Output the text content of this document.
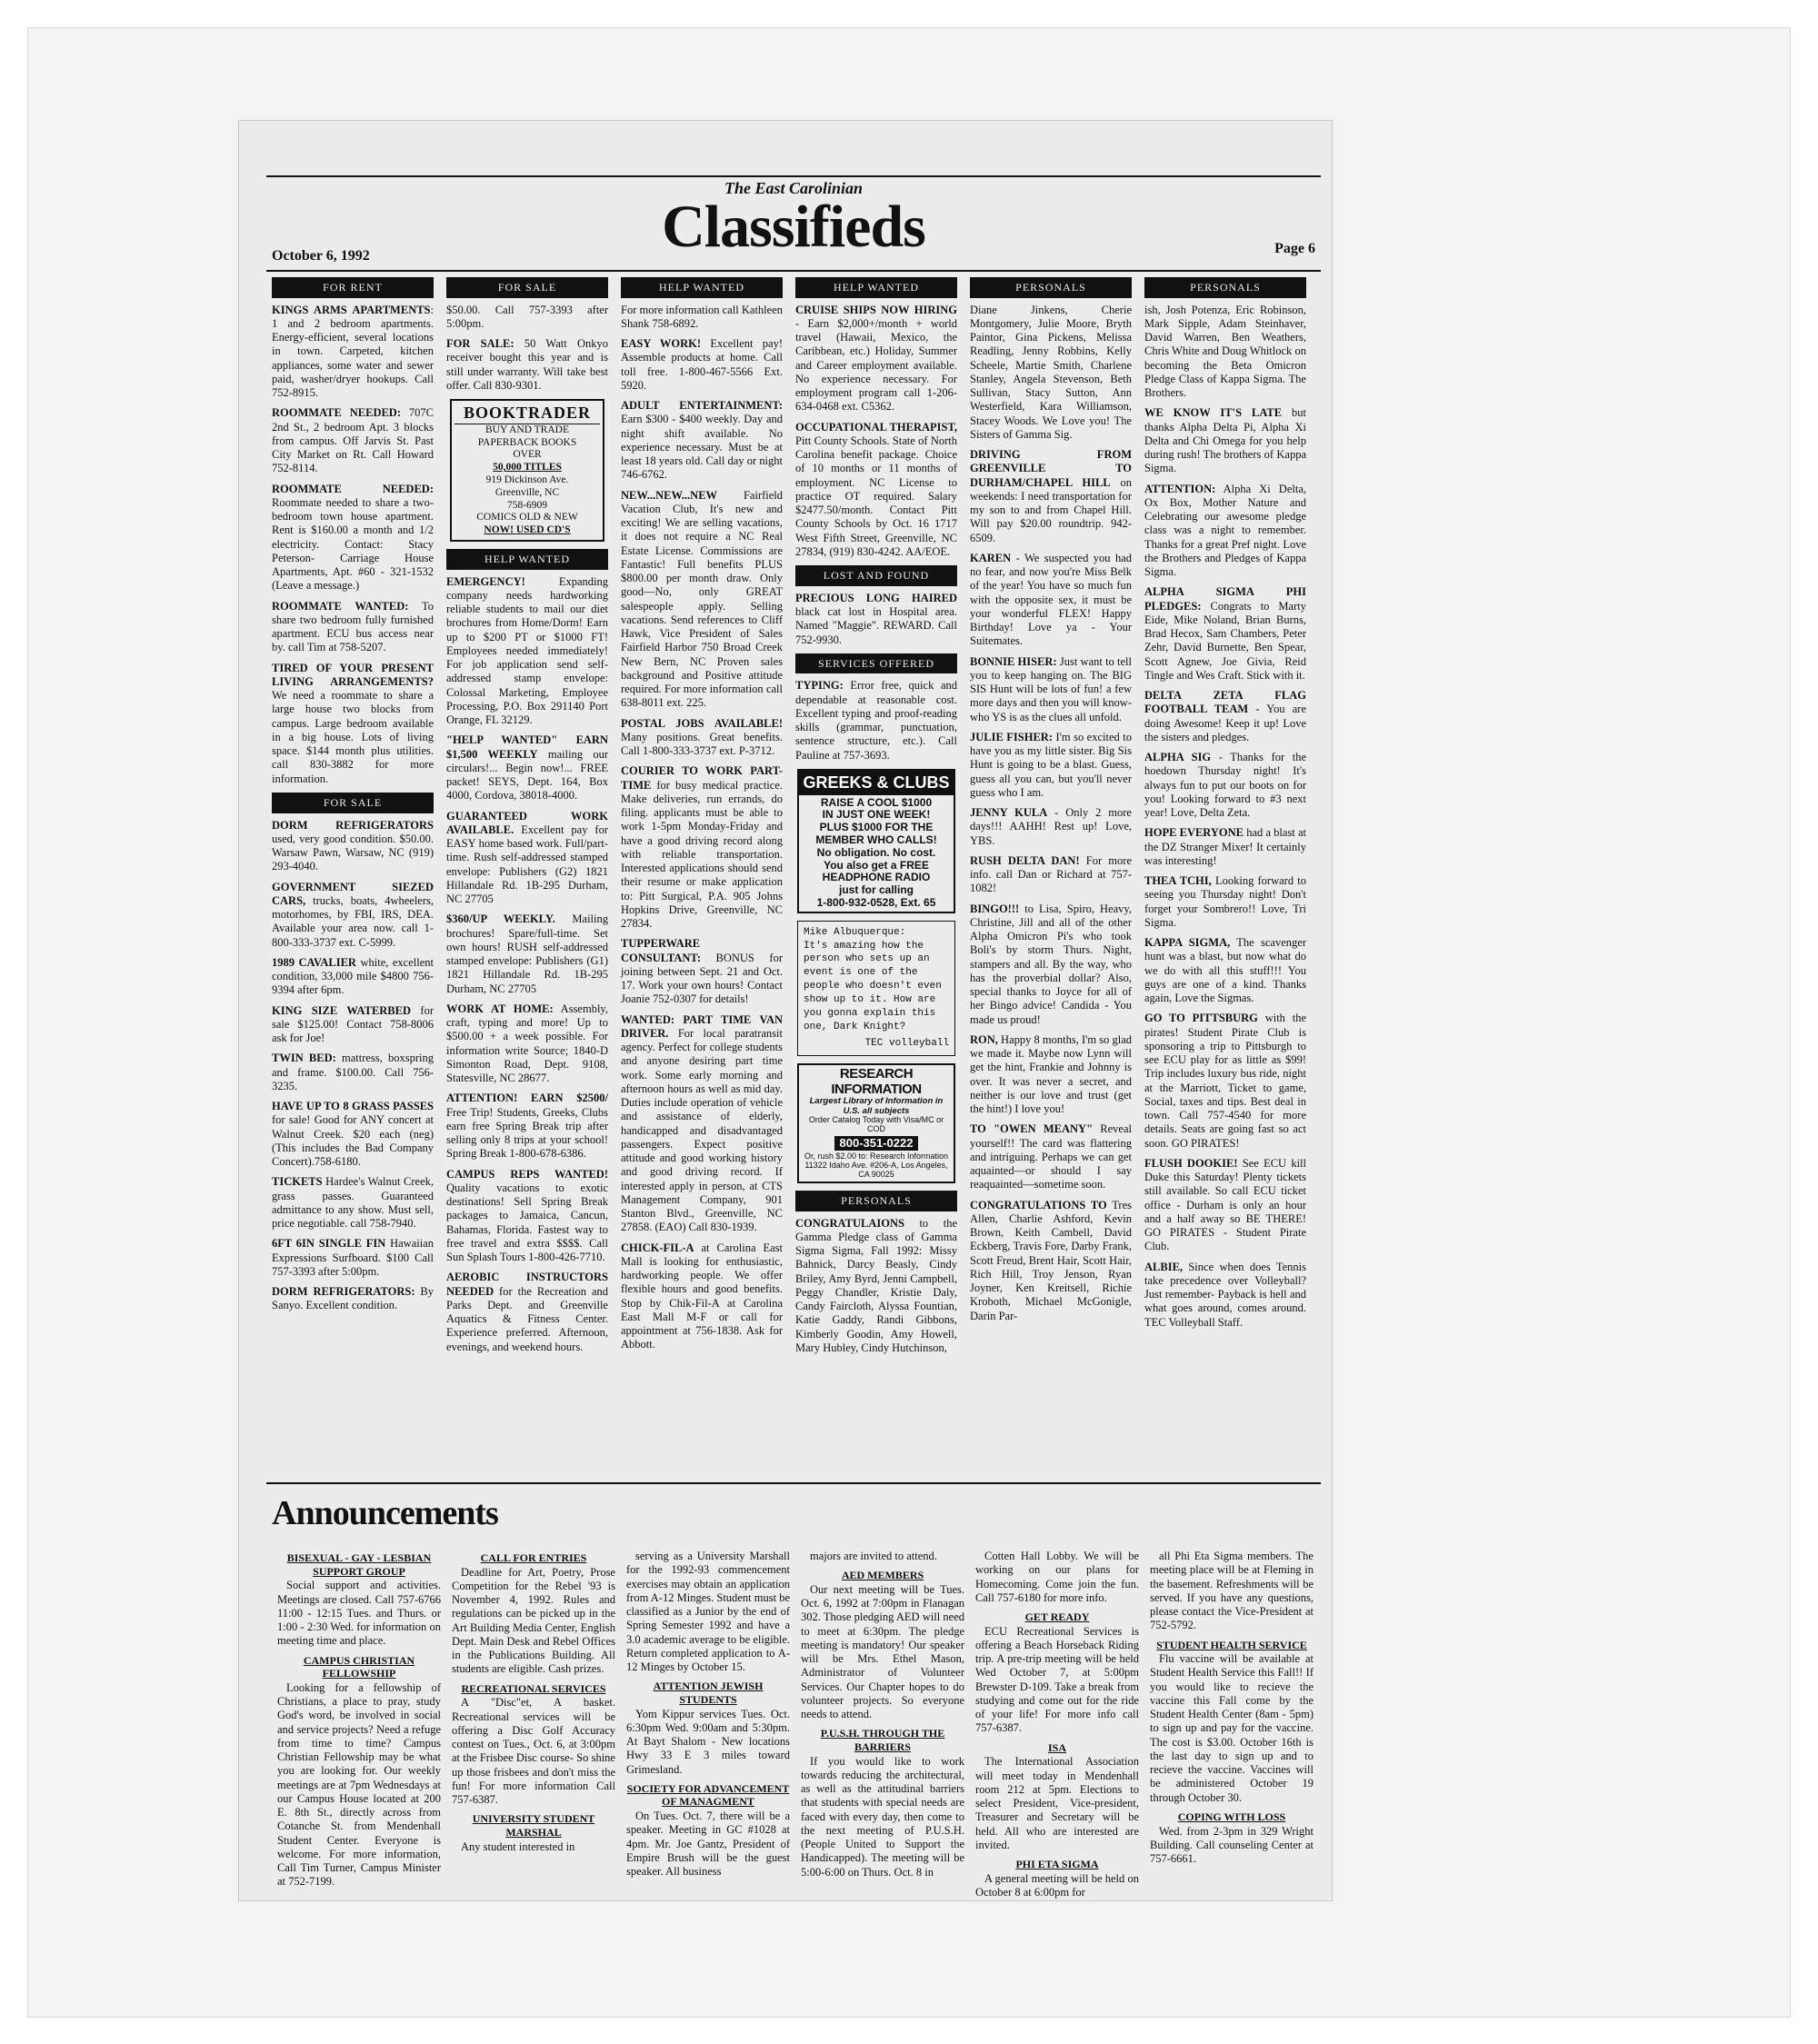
The East Carolinian
Classifieds
October 6, 1992	Page 6
FOR RENT

KINGS ARMS APARTMENTS: 1 and 2 bedroom apartments. Energy-efficient, several locations in town. Carpeted, kitchen appliances, some water and sewer paid, washer/dryer hookups. Call 752-8915.

ROOMMATE NEEDED: 707C 2nd St., 2 bedroom Apt. 3 blocks from campus. Off Jarvis St. Past City Market on Rt. Call Howard 752-8114.

ROOMMATE NEEDED: Roommate needed to share a two-bedroom town house apartment. Rent is $160.00 a month and 1/2 electricity. Contact: Stacy Peterson- Carriage House Apartments, Apt. #60 - 321-1532 (Leave a message.)

ROOMMATE WANTED: To share two bedroom fully furnished apartment. ECU bus access near by. call Tim at 758-5207.

TIRED OF YOUR PRESENT LIVING ARRANGEMENTS? We need a roommate to share a large house two blocks from campus. Large bedroom available in a big house. Lots of living space. $144 month plus utilities. call 830-3882 for more information.

FOR SALE

DORM REFRIGERATORS used, very good condition. $50.00. Warsaw Pawn, Warsaw, NC (919) 293-4040.

GOVERNMENT SIEZED CARS, trucks, boats, 4wheelers, motorhomes, by FBI, IRS, DEA. Available your area now. call 1-800-333-3737 ext. C-5999.

1989 CAVALIER white, excellent condition, 33,000 mile $4800 756-9394 after 6pm.

KING SIZE WATERBED for sale $125.00! Contact 758-8006 ask for Joe!

TWIN BED: mattress, boxspring and frame. $100.00. Call 756-3235.

HAVE UP TO 8 GRASS PASSES for sale! Good for ANY concert at Walnut Creek. $20 each (neg) (This includes the Bad Company Concert).758-6180.

TICKETS Hardee's Walnut Creek, grass passes. Guaranteed admittance to any show. Must sell, price negotiable. call 758-7940.

6FT 6IN SINGLE FIN Hawaiian Expressions Surfboard. $100 Call 757-3393 after 5:00pm.

DORM REFRIGERATORS: By Sanyo. Excellent condition.

FOR SALE

$50.00. Call 757-3393 after 5:00pm.

FOR SALE: 50 Watt Onkyo receiver bought this year and is still under warranty. Will take best offer. Call 830-9301.

BOOKTRADER
BUY AND TRADE
PAPERBACK BOOKS
OVER
50,000 TITLES
919 Dickinson Ave.
Greenville, NC
758-6909
COMICS OLD & NEW
NOW! USED CD'S
HELP WANTED

EMERGENCY! Expanding company needs hardworking reliable students to mail our diet brochures from Home/Dorm! Earn up to $200 PT or $1000 FT! Employees needed immediately! For job application send self-addressed stamp envelope: Colossal Marketing, Employee Processing, P.O. Box 291140 Port Orange, FL 32129.

"HELP WANTED" EARN $1,500 WEEKLY mailing our circulars!... Begin now!... FREE packet! SEYS, Dept. 164, Box 4000, Cordova, 38018-4000.

GUARANTEED WORK AVAILABLE. Excellent pay for EASY home based work. Full/part-time. Rush self-addressed stamped envelope: Publishers (G2) 1821 Hillandale Rd. 1B-295 Durham, NC 27705

$360/UP WEEKLY. Mailing brochures! Spare/full-time. Set own hours! RUSH self-addressed stamped envelope: Publishers (G1) 1821 Hillandale Rd. 1B-295 Durham, NC 27705

WORK AT HOME: Assembly, craft, typing and more! Up to $500.00 + a week possible. For information write Source; 1840-D Simonton Road, Dept. 9108, Statesville, NC 28677.

ATTENTION! EARN $2500/ Free Trip! Students, Greeks, Clubs earn free Spring Break trip after selling only 8 trips at your school! Spring Break 1-800-678-6386.

CAMPUS REPS WANTED! Quality vacations to exotic destinations! Sell Spring Break packages to Jamaica, Cancun, Bahamas, Florida. Fastest way to free travel and extra $$$$. Call Sun Splash Tours 1-800-426-7710.

AEROBIC INSTRUCTORS NEEDED for the Recreation and Parks Dept. and Greenville Aquatics & Fitness Center. Experience preferred. Afternoon, evenings, and weekend hours.

HELP WANTED

For more information call Kathleen Shank 758-6892.

EASY WORK! Excellent pay! Assemble products at home. Call toll free. 1-800-467-5566 Ext. 5920.

ADULT ENTERTAINMENT: Earn $300 - $400 weekly. Day and night shift available. No experience necessary. Must be at least 18 years old. Call day or night 746-6762.

NEW...NEW...NEW Fairfield Vacation Club, It's new and exciting! We are selling vacations, it does not require a NC Real Estate License. Commissions are Fantastic! Full benefits PLUS $800.00 per month draw. Only good—No, only GREAT salespeople apply. Selling vacations. Send references to Cliff Hawk, Vice President of Sales Fairfield Harbor 750 Broad Creek New Bern, NC Proven sales background and Positive attitude required. For more information call 638-8011 ext. 225.

POSTAL JOBS AVAILABLE! Many positions. Great benefits. Call 1-800-333-3737 ext. P-3712.

COURIER TO WORK PART-TIME for busy medical practice. Make deliveries, run errands, do filing. applicants must be able to work 1-5pm Monday-Friday and have a good driving record along with reliable transportation. Interested applications should send their resume or make application to: Pitt Surgical, P.A. 905 Johns Hopkins Drive, Greenville, NC 27834.

TUPPERWARE CONSULTANT: BONUS for joining between Sept. 21 and Oct. 17. Work your own hours! Contact Joanie 752-0307 for details!

WANTED: PART TIME VAN DRIVER. For local paratransit agency. Perfect for college students and anyone desiring part time work. Some early morning and afternoon hours as well as mid day. Duties include operation of vehicle and assistance of elderly, handicapped and disadvantaged passengers. Expect positive attitude and good working history and good driving record. If interested apply in person, at CTS Management Company, 901 Stanton Blvd., Greenville, NC 27858. (EAO) Call 830-1939.

CHICK-FIL-A at Carolina East Mall is looking for enthusiastic, hardworking people. We offer flexible hours and good benefits. Stop by Chik-Fil-A at Carolina East Mall M-F or call for appointment at 756-1838. Ask for Abbott.

HELP WANTED

CRUISE SHIPS NOW HIRING - Earn $2,000+/month + world travel (Hawaii, Mexico, the Caribbean, etc.) Holiday, Summer and Career employment available. No experience necessary. For employment program call 1-206-634-0468 ext. C5362.

OCCUPATIONAL THERAPIST, Pitt County Schools. State of North Carolina benefit package. Choice of 10 months or 11 months of employment. NC License to practice OT required. Salary $2477.50/month. Contact Pitt County Schools by Oct. 16 1717 West Fifth Street, Greenville, NC 27834, (919) 830-4242. AA/EOE.

LOST AND FOUND

PRECIOUS LONG HAIRED black cat lost in Hospital area. Named "Maggie". REWARD. Call 752-9930.

SERVICES OFFERED

TYPING: Error free, quick and dependable at reasonable cost. Excellent typing and proof-reading skills (grammar, punctuation, sentence structure, etc.). Call Pauline at 757-3693.

GREEKS & CLUBS
RAISE A COOL $1000
IN JUST ONE WEEK!
PLUS $1000 FOR THE
MEMBER WHO CALLS!
No obligation. No cost.
You also get a FREE
HEADPHONE RADIO
just for calling
1-800-932-0528, Ext. 65
Mike Albuquerque:
It's amazing how the person who sets up an event is one of the people who doesn't even show up to it. How are you gonna explain this one, Dark Knight?
TEC volleyball
RESEARCH INFORMATION
Largest Library of Information in U.S. all subjects
Order Catalog Today with Visa/MC or COD
800-351-0222
Or, rush $2.00 to: Research Information 11322 Idaho Ave. #206-A, Los Angeles, CA 90025
PERSONALS

CONGRATULAIONS to the Gamma Pledge class of Gamma Sigma Sigma, Fall 1992: Missy Bahnick, Darcy Beasly, Cindy Briley, Amy Byrd, Jenni Campbell, Peggy Chandler, Kristie Daly, Candy Faircloth, Alyssa Fountian, Katie Gaddy, Randi Gibbons, Kimberly Goodin, Amy Howell, Mary Hubley, Cindy Hutchinson,

PERSONALS

Diane Jinkens, Cherie Montgomery, Julie Moore, Bryth Paintor, Gina Pickens, Melissa Readling, Jenny Robbins, Kelly Scheele, Martie Smith, Charlene Stanley, Angela Stevenson, Beth Sullivan, Stacy Sutton, Ann Westerfield, Kara Williamson, Stacey Woods. We Love you! The Sisters of Gamma Sig.

DRIVING FROM GREENVILLE TO DURHAM/CHAPEL HILL on weekends: I need transportation for my son to and from Chapel Hill. Will pay $20.00 roundtrip. 942-6509.

KAREN - We suspected you had no fear, and now you're Miss Belk of the year! You have so much fun with the opposite sex, it must be your wonderful FLEX! Happy Birthday! Love ya - Your Suitemates.

BONNIE HISER: Just want to tell you to keep hanging on. The BIG SIS Hunt will be lots of fun! a few more days and then you will know- who YS is as the clues all unfold.

JULIE FISHER: I'm so excited to have you as my little sister. Big Sis Hunt is going to be a blast. Guess, guess all you can, but you'll never guess who I am.

JENNY KULA - Only 2 more days!!! AAHH! Rest up! Love, YBS.

RUSH DELTA DAN! For more info. call Dan or Richard at 757-1082!

BINGO!!! to Lisa, Spiro, Heavy, Christine, Jill and all of the other Alpha Omicron Pi's who took Boli's by storm Thurs. Night, stampers and all. By the way, who has the proverbial dollar? Also, special thanks to Joyce for all of her Bingo advice! Candida - You made us proud!

RON, Happy 8 months, I'm so glad we made it. Maybe now Lynn will get the hint, Frankie and Johnny is over. It was never a secret, and neither is our love and trust (get the hint!) I love you!

TO "OWEN MEANY" Reveal yourself!! The card was flattering and intriguing. Perhaps we can get aquainted—or should I say reaquainted—sometime soon.

CONGRATULATIONS TO Tres Allen, Charlie Ashford, Kevin Brown, Keith Cambell, David Eckberg, Travis Fore, Darby Frank, Scott Freud, Brent Hair, Scott Hair, Rich Hill, Troy Jenson, Ryan Joyner, Ken Kreitsell, Richie Kroboth, Michael McGonigle, Darin Par-

PERSONALS

ish, Josh Potenza, Eric Robinson, Mark Sipple, Adam Steinhaver, David Warren, Ben Weathers, Chris White and Doug Whitlock on becoming the Beta Omicron Pledge Class of Kappa Sigma. The Brothers.

WE KNOW IT'S LATE but thanks Alpha Delta Pi, Alpha Xi Delta and Chi Omega for you help during rush! The brothers of Kappa Sigma.

ATTENTION: Alpha Xi Delta, Ox Box, Mother Nature and Celebrating our awesome pledge class was a night to remember. Thanks for a great Pref night. Love the Brothers and Pledges of Kappa Sigma.

ALPHA SIGMA PHI PLEDGES: Congrats to Marty Eide, Mike Noland, Brian Burns, Brad Hecox, Sam Chambers, Peter Zehr, David Burnette, Ben Spear, Scott Agnew, Joe Givia, Reid Tingle and Wes Craft. Stick with it.

DELTA ZETA FLAG FOOTBALL TEAM - You are doing Awesome! Keep it up! Love the sisters and pledges.

ALPHA SIG - Thanks for the hoedown Thursday night! It's always fun to put our boots on for you! Looking forward to #3 next year! Love, Delta Zeta.

HOPE EVERYONE had a blast at the DZ Stranger Mixer! It certainly was interesting!

THEA TCHI, Looking forward to seeing you Thursday night! Don't forget your Sombrero!! Love, Tri Sigma.

KAPPA SIGMA, The scavenger hunt was a blast, but now what do we do with all this stuff!!! You guys are one of a kind. Thanks again, Love the Sigmas.

GO TO PITTSBURG with the pirates! Student Pirate Club is sponsoring a trip to Pittsburgh to see ECU play for as little as $99! Trip includes luxury bus ride, night at the Marriott, Ticket to game, Social, taxes and tips. Best deal in town. Call 757-4540 for more details. Seats are going fast so act soon. GO PIRATES!

FLUSH DOOKIE! See ECU kill Duke this Saturday! Plenty tickets still available. So call ECU ticket office - Durham is only an hour and a half away so BE THERE! GO PIRATES - Student Pirate Club.

ALBIE, Since when does Tennis take precedence over Volleyball? Just remember- Payback is hell and what goes around, comes around. TEC Volleyball Staff.

Announcements
BISEXUAL - GAY - LESBIAN SUPPORT GROUP

Social support and activities. Meetings are closed. Call 757-6766 11:00 - 12:15 Tues. and Thurs. or 1:00 - 2:30 Wed. for information on meeting time and place.

CAMPUS CHRISTIAN FELLOWSHIP

Looking for a fellowship of Christians, a place to pray, study God's word, be involved in social and service projects? Need a refuge from time to time? Campus Christian Fellowship may be what you are looking for. Our weekly meetings are at 7pm Wednesdays at our Campus House located at 200 E. 8th St., directly across from Cotanche St. from Mendenhall Student Center. Everyone is welcome. For more information, Call Tim Turner, Campus Minister at 752-7199.

CALL FOR ENTRIES

Deadline for Art, Poetry, Prose Competition for the Rebel '93 is November 4, 1992. Rules and regulations can be picked up in the Art Building Media Center, English Dept. Main Desk and Rebel Offices in the Publications Building. All students are eligible. Cash prizes.

RECREATIONAL SERVICES

A "Disc"et, A basket. Recreational services will be offering a Disc Golf Accuracy contest on Tues., Oct. 6, at 3:00pm at the Frisbee Disc course- So shine up those frisbees and don't miss the fun! For more information Call 757-6387.

UNIVERSITY STUDENT MARSHAL

Any student interested in

serving as a University Marshall for the 1992-93 commencement exercises may obtain an application from A-12 Minges. Student must be classified as a Junior by the end of Spring Semester 1992 and have a 3.0 academic average to be eligible. Return completed application to A-12 Minges by October 15.

ATTENTION JEWISH STUDENTS

Yom Kippur services Tues. Oct. 6:30pm Wed. 9:00am and 5:30pm. At Bayt Shalom - New locations Hwy 33 E 3 miles toward Grimesland.

SOCIETY FOR ADVANCEMENT OF MANAGMENT

On Tues. Oct. 7, there will be a speaker. Meeting in GC #1028 at 4pm. Mr. Joe Gantz, President of Empire Brush will be the guest speaker. All business

majors are invited to attend.

AED MEMBERS

Our next meeting will be Tues. Oct. 6, 1992 at 7:00pm in Flanagan 302. Those pledging AED will need to meet at 6:30pm. The pledge meeting is mandatory! Our speaker will be Mrs. Ethel Mason, Administrator of Volunteer Services. Our Chapter hopes to do volunteer projects. So everyone needs to attend.

P.U.S.H. THROUGH THE BARRIERS

If you would like to work towards reducing the architectural, as well as the attitudinal barriers that students with special needs are faced with every day, then come to the next meeting of P.U.S.H. (People United to Support the Handicapped). The meeting will be 5:00-6:00 on Thurs. Oct. 8 in

Cotten Hall Lobby. We will be working on our plans for Homecoming. Come join the fun. Call 757-6180 for more info.

GET READY

ECU Recreational Services is offering a Beach Horseback Riding trip. A pre-trip meeting will be held Wed October 7, at 5:00pm Brewster D-109. Take a break from studying and come out for the ride of your life! For more info call 757-6387.

ISA

The International Association will meet today in Mendenhall room 212 at 5pm. Elections to select President, Vice-president, Treasurer and Secretary will be held. All who are interested are invited.

PHI ETA SIGMA

A general meeting will be held on October 8 at 6:00pm for

all Phi Eta Sigma members. The meeting place will be at Fleming in the basement. Refreshments will be served. If you have any questions, please contact the Vice-President at 752-5792.

STUDENT HEALTH SERVICE

Flu vaccine will be available at Student Health Service this Fall!! If you would like to recieve the vaccine this Fall come by the Student Health Center (8am - 5pm) to sign up and pay for the vaccine. The cost is $3.00. October 16th is the last day to sign up and to recieve the vaccine. Vaccines will be administered October 19 through October 30.

COPING WITH LOSS

Wed. from 2-3pm in 329 Wright Building. Call counseling Center at 757-6661.
